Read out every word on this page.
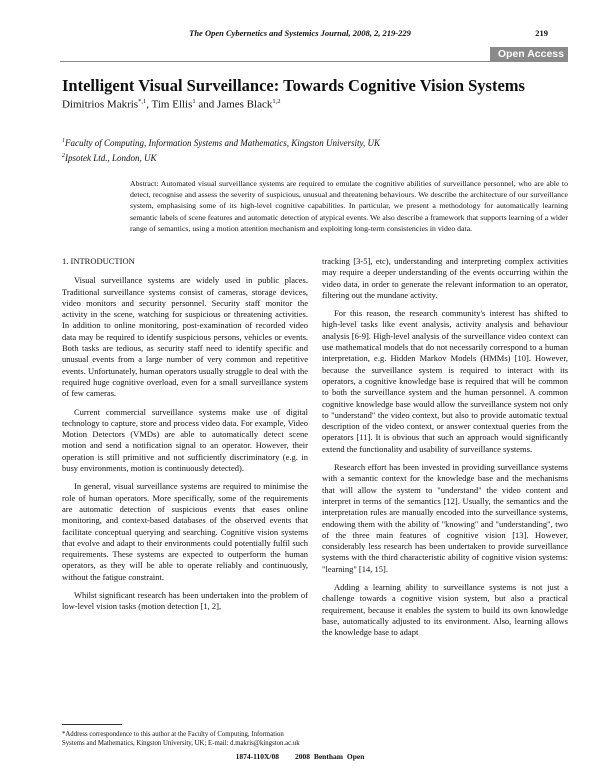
The Open Cybernetics and Systemics Journal, 2008, 2, 219-229	219
Open Access
Intelligent Visual Surveillance: Towards Cognitive Vision Systems
Dimitrios Makris$^{*,1}$, Tim Ellis$^1$ and James Black$^{1,2}$
$^1$Faculty of Computing, Information Systems and Mathematics, Kingston University, UK
$^2$Ipsotek Ltd., London, UK
Abstract: Automated visual surveillance systems are required to emulate the cognitive abilities of surveillance personnel, who are able to detect, recognise and assess the severity of suspicious, unusual and threatening behaviours. We describe the architecture of our surveillance system, emphasising some of its high-level cognitive capabilities. In particular, we present a methodology for automatically learning semantic labels of scene features and automatic detection of atypical events. We also describe a framework that supports learning of a wider range of semantics, using a motion attention mechanism and exploiting long-term consistencies in video data.
1. INTRODUCTION

Visual surveillance systems are widely used in public places. Traditional surveillance systems consist of cameras, storage devices, video monitors and security personnel. Security staff monitor the activity in the scene, watching for suspicious or threatening activities. In addition to online monitoring, post-examination of recorded video data may be required to identify suspicious persons, vehicles or events. Both tasks are tedious, as security staff need to identify specific and unusual events from a large number of very common and repetitive events. Unfortunately, human operators usually struggle to deal with the required huge cognitive overload, even for a small surveillance system of few cameras.

Current commercial surveillance systems make use of digital technology to capture, store and process video data. For example, Video Motion Detectors (VMDs) are able to automatically detect scene motion and send a notification signal to an operator. However, their operation is still primitive and not sufficiently discriminatory (e.g. in busy environments, motion is continuously detected).

In general, visual surveillance systems are required to minimise the role of human operators. More specifically, some of the requirements are automatic detection of suspicious events that eases online monitoring, and context-based databases of the observed events that facilitate conceptual querying and searching. Cognitive vision systems that evolve and adapt to their environments could potentially fulfil such requirements. These systems are expected to outperform the human operators, as they will be able to operate reliably and continuously, without the fatigue constraint.

Whilst significant research has been undertaken into the problem of low-level vision tasks (motion detection [1, 2],

tracking [3-5], etc), understanding and interpreting complex activities may require a deeper understanding of the events occurring within the video data, in order to generate the relevant information to an operator, filtering out the mundane activity.

For this reason, the research community's interest has shifted to high-level tasks like event analysis, activity analysis and behaviour analysis [6-9]. High-level analysis of the surveillance video context can use mathematical models that do not necessarily correspond to a human interpretation, e.g. Hidden Markov Models (HMMs) [10]. However, because the surveillance system is required to interact with its operators, a cognitive knowledge base is required that will be common to both the surveillance system and the human personnel. A common cognitive knowledge base would allow the surveillance system not only to "understand" the video context, but also to provide automatic textual description of the video context, or answer contextual queries from the operators [11]. It is obvious that such an approach would significantly extend the functionality and usability of surveillance systems.

Research effort has been invested in providing surveillance systems with a semantic context for the knowledge base and the mechanisms that will allow the system to "understand" the video content and interpret in terms of the semantics [12]. Usually, the semantics and the interpretation rules are manually encoded into the surveillance systems, endowing them with the ability of "knowing" and "understanding", two of the three main features of cognitive vision [13]. However, considerably less research has been undertaken to provide surveillance systems with the third characteristic ability of cognitive vision systems: "learning" [14, 15].

Adding a learning ability to surveillance systems is not just a challenge towards a cognitive vision system, but also a practical requirement, because it enables the system to build its own knowledge base, automatically adjusted to its environment. Also, learning allows the knowledge base to adapt

*Address correspondence to this author at the Faculty of Computing, Information Systems and Mathematics, Kingston University, UK; E-mail: d.makris@kingston.ac.uk
1874-110X/08 2008 Bentham Open
